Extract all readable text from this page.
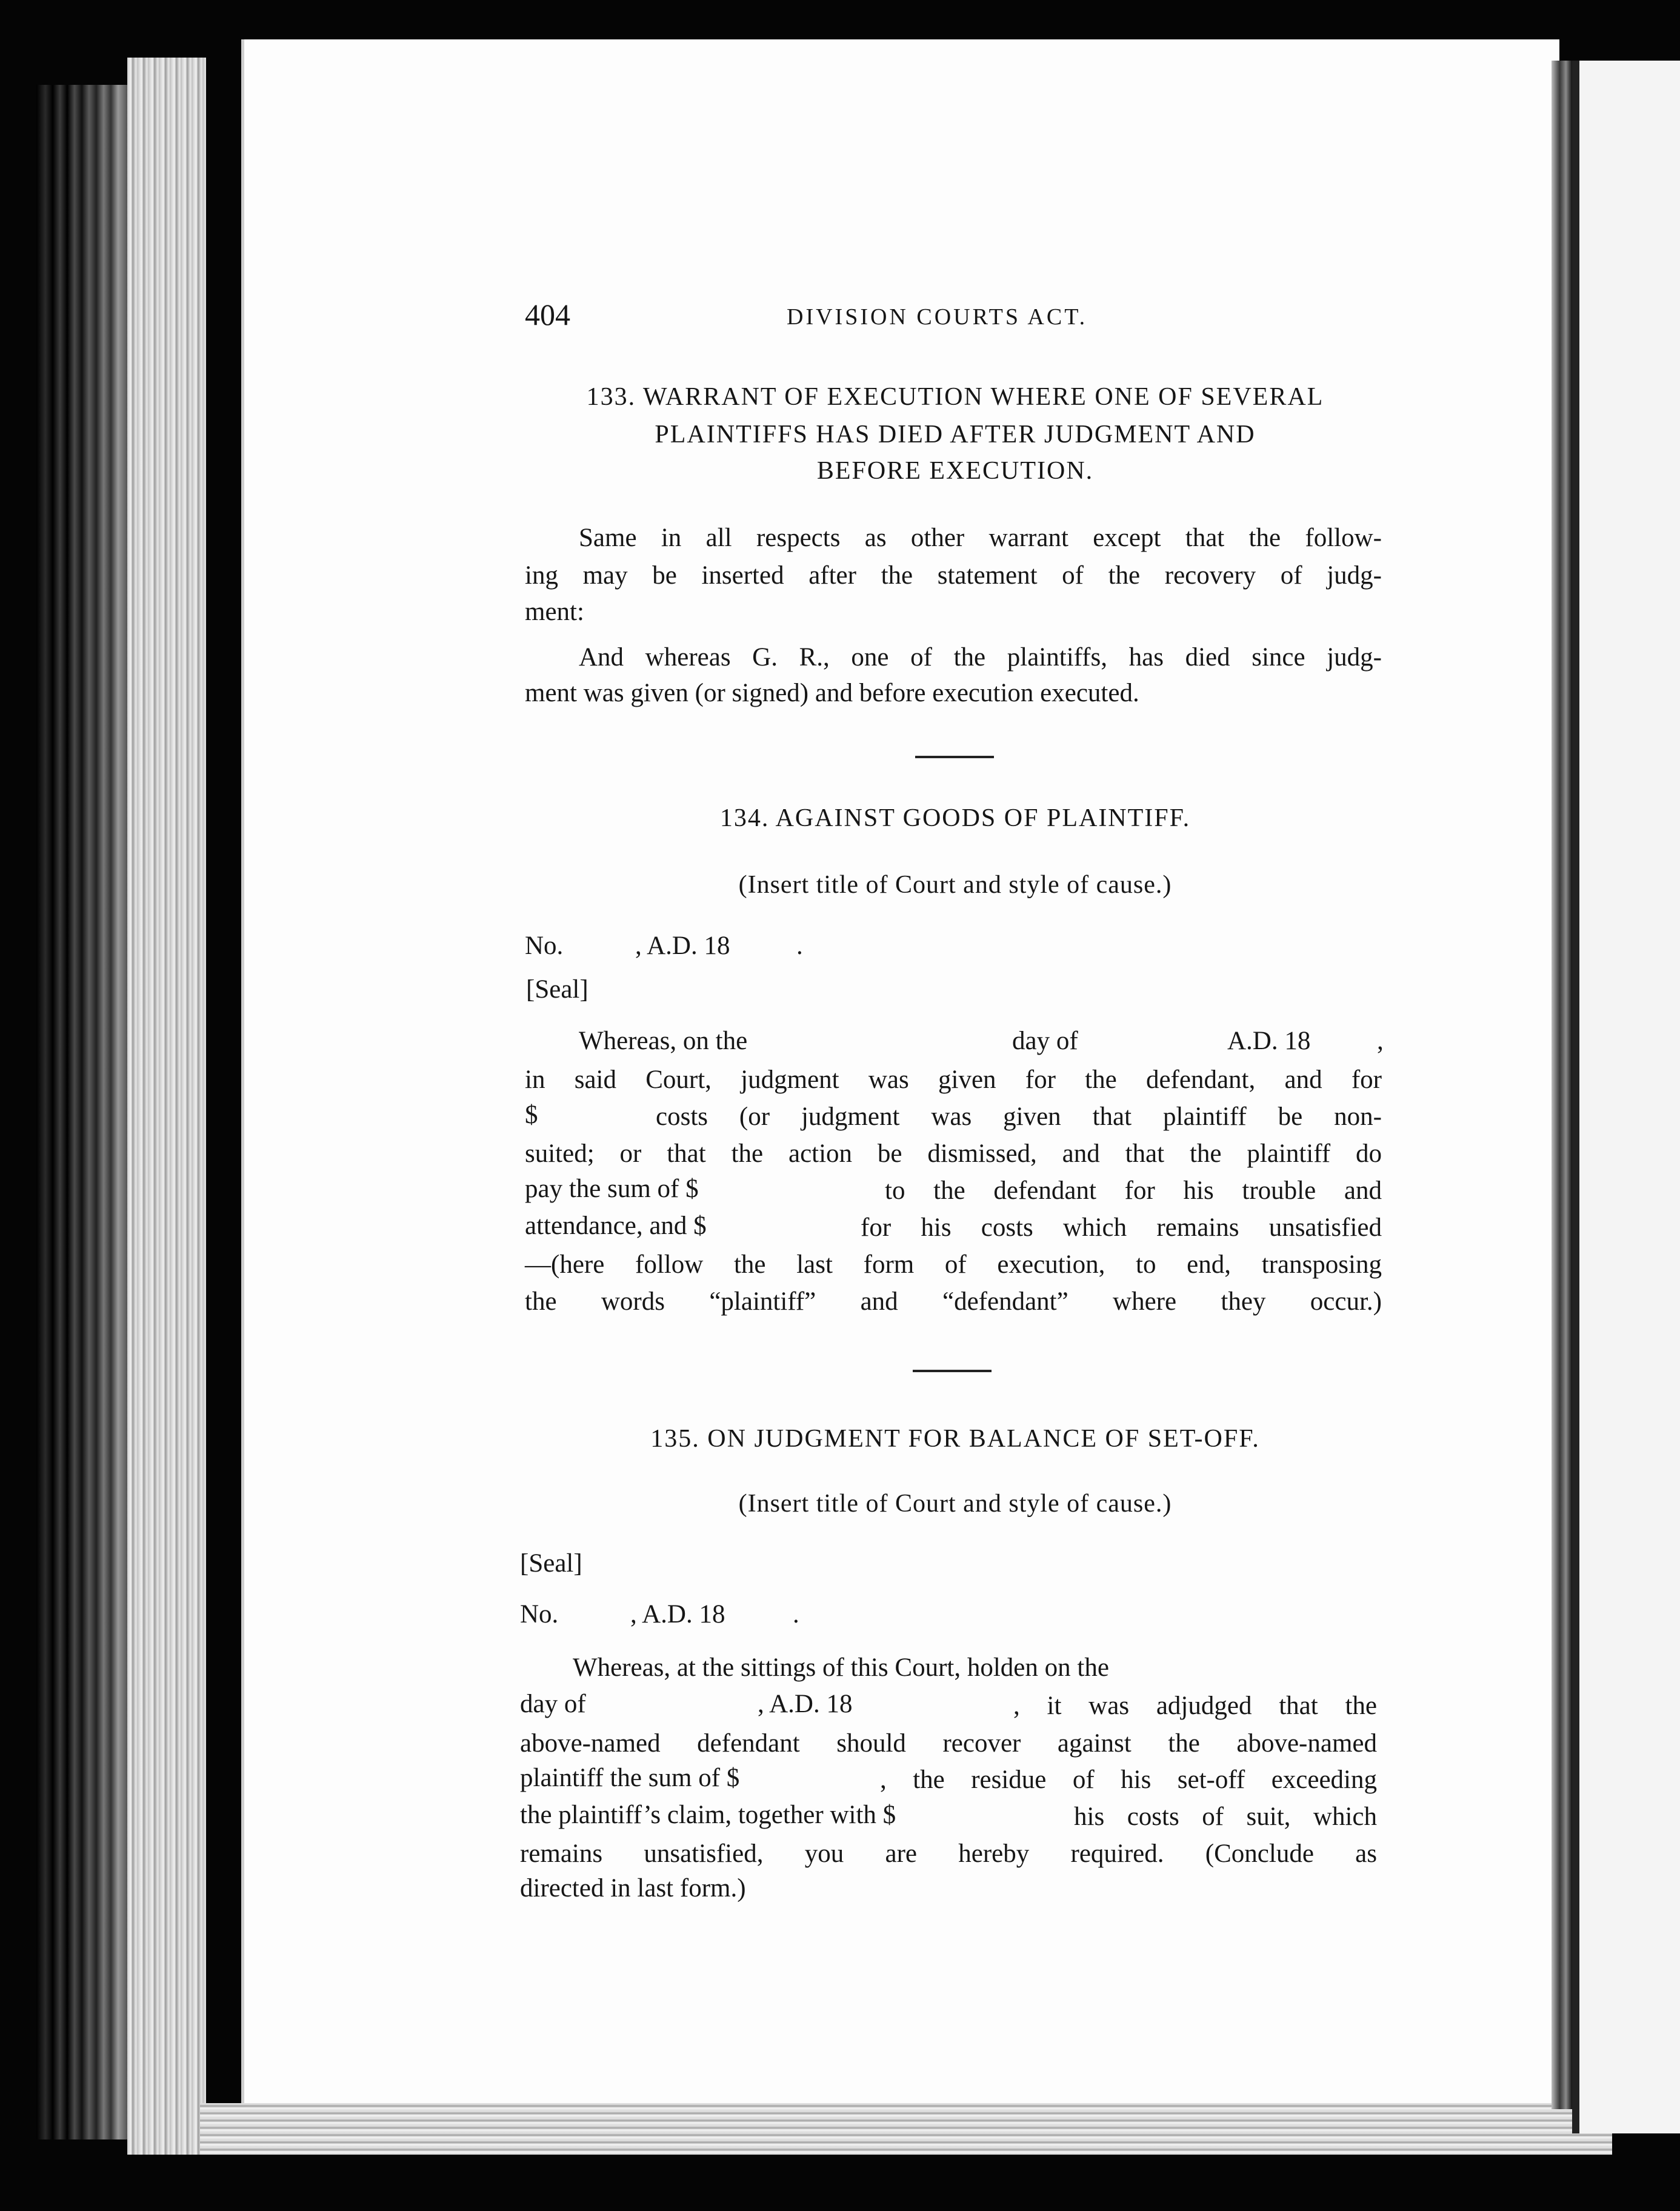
404	DIVISION COURTS ACT.

133. WARRANT OF EXECUTION WHERE ONE OF SEVERAL

PLAINTIFFS HAS DIED AFTER JUDGMENT AND

BEFORE EXECUTION.

Same in all respects as other warrant except that the follow-

ing may be inserted after the statement of the recovery of judg-

ment:

And whereas G. R., one of the plaintiffs, has died since judg-

ment was given (or signed) and before execution executed.

134. AGAINST GOODS OF PLAINTIFF.

(Insert title of Court and style of cause.)

No.	, A.D. 18	.

[Seal]

Whereas, on the	day of	A.D. 18	,

in said Court, judgment was given for the defendant, and for

$	costs (or judgment was given that plaintiff be non-

suited; or that the action be dismissed, and that the plaintiff do

pay the sum of $	to the defendant for his trouble and

attendance, and $	for his costs which remains unsatisfied

—(here follow the last form of execution, to end, transposing

the words “plaintiff” and “defendant” where they occur.)

135. ON JUDGMENT FOR BALANCE OF SET-OFF.

(Insert title of Court and style of cause.)

[Seal]

No.	, A.D. 18	.

Whereas, at the sittings of this Court, holden on the

day of	, A.D. 18	, it was adjudged that the

above-named defendant should recover against the above-named

plaintiff the sum of $	, the residue of his set-off exceeding

the plaintiff’s claim, together with $	his costs of suit, which

remains unsatisfied, you are hereby required. (Conclude as

directed in last form.)
